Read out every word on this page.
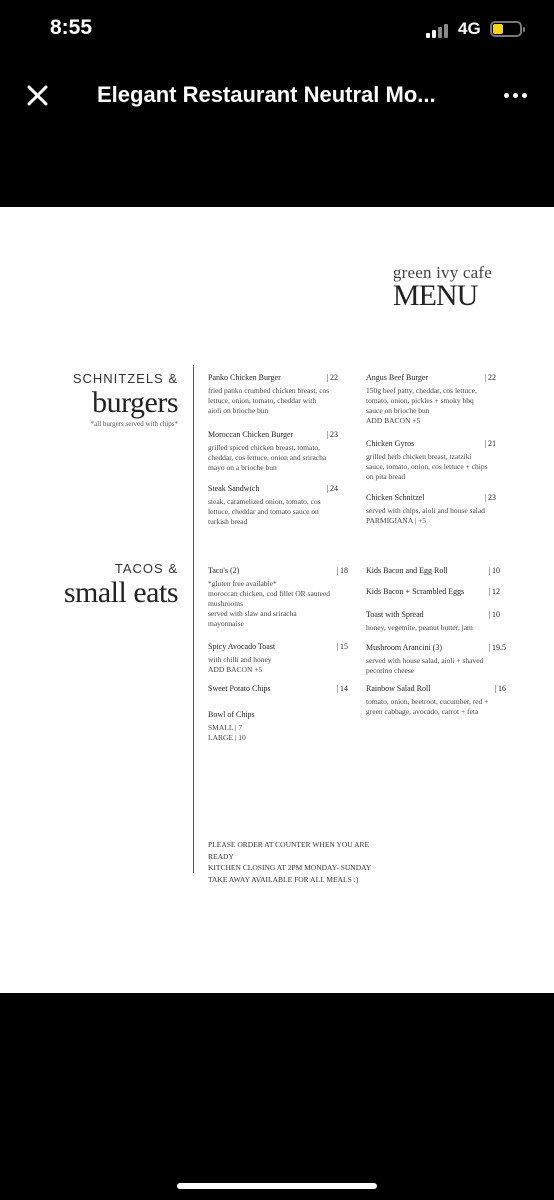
8:55	4G
Elegant Restaurant Neutral Mo...
green ivy cafe
MENU
SCHNITZELS &
burgers
*all burgers served with chips*
TACOS &
small eats
Panko Chicken Burger	| 22
fried panko crumbed chicken breast, cos
lettuce, onion, tomato, cheddar with
aioli on brioche bun
Moroccan Chicken Burger	| 23
grilled spiced chicken breast, tomato,
cheddar, cos lettuce, onion and sriracha
mayo on a brioche bun
Steak Sandwich	| 24
steak, caramelized onion, tomato, cos
lettuce, cheddar and tomato sauce on
turkish bread
Angus Beef Burger	| 22
150g beef patty, cheddar, cos lettuce,
tomato, onion, pickles + smoky bbq
sauce on brioche bun
ADD BACON +5
Chicken Gyros	| 21
grilled herb chicken breast, tzatziki
sauce, tomato, onion, cos lettuce + chips
on pita bread
Chicken Schnitzel	| 23
served with chips, aioli and house salad
PARMIGIANA | +5
Taco's (2)	| 18
*gluten free available*
moroccan chicken, cod fillet OR sauteed
mushrooms
served with slaw and sriracha
mayonnaise
Spicy Avocado Toast	| 15
with chilli and honey
ADD BACON +5
Sweet Potato Chips	| 14
Bowl of Chips
SMALL | 7
LARGE | 10
Kids Bacon and Egg Roll	| 10
Kids Bacon + Scrambled Eggs	| 12
Toast with Spread	| 10
honey, vegemite, peanut butter, jam
Mushroom Arancini (3)	| 19.5
served with house salad, aioli + shaved
pecorino cheese
Rainbow Salad Roll	| 16
tomato, onion, beetroot, cucumber, red +
green cabbage, avocado, carrot + feta
PLEASE ORDER AT COUNTER WHEN YOU ARE
READY
KITCHEN CLOSING AT 2PM MONDAY- SUNDAY
TAKE AWAY AVAILABLE FOR ALL MEALS :)
